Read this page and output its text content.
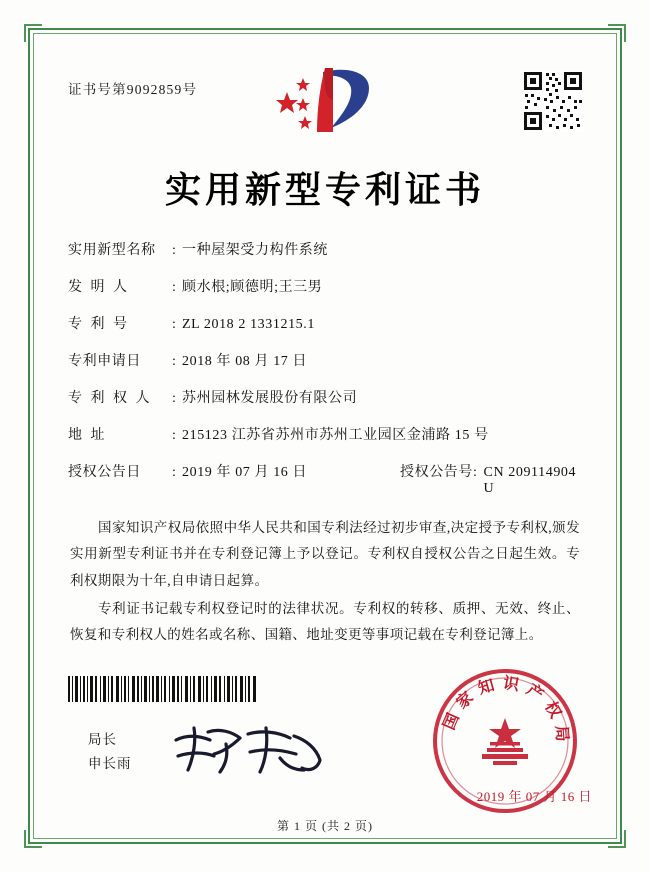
证书号第9092859号
实用新型专利证书
实用新型名称	: 一种屋架受力构件系统
发 明 人	: 顾水根;顾德明;王三男
专 利 号	: ZL 2018 2 1331215.1
专利申请日	: 2018 年 08 月 17 日
专 利 权 人	: 苏州园林发展股份有限公司
地 址	: 215123 江苏省苏州市苏州工业园区金浦路 15 号
授权公告日	: 2019 年 07 月 16 日	授权公告号: CN 209114904 U

国家知识产权局依照中华人民共和国专利法经过初步审查,决定授予专利权,颁发实用新型专利证书并在专利登记簿上予以登记。专利权自授权公告之日起生效。专利权期限为十年,自申请日起算。

专利证书记载专利权登记时的法律状况。专利权的转移、质押、无效、终止、恢复和专利权人的姓名或名称、国籍、地址变更等事项记载在专利登记簿上。

局长
申长雨
国家知识产权局
2019 年 07 月 16 日
第 1 页 (共 2 页)
